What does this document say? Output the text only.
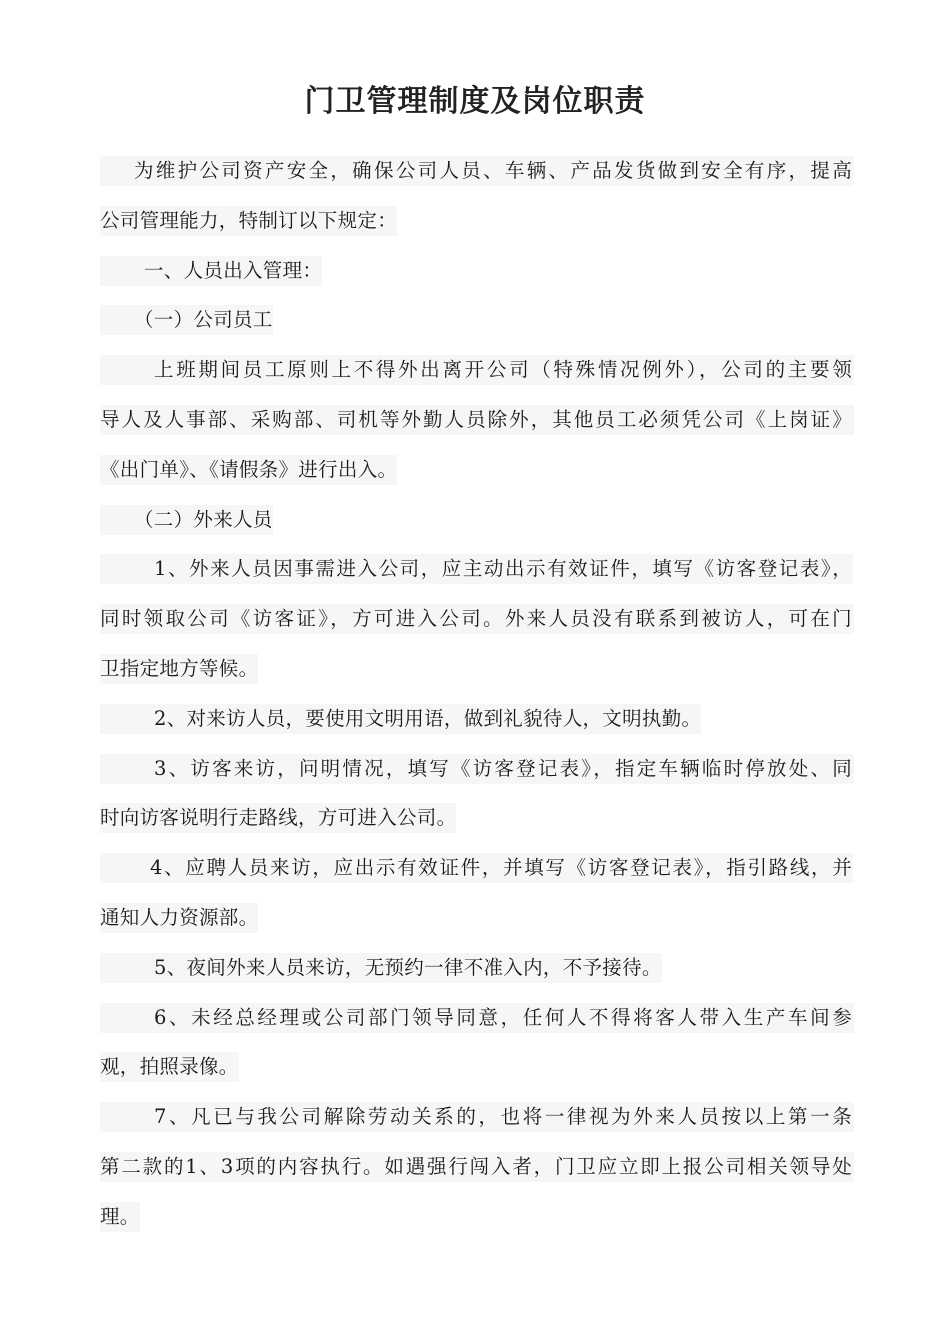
门卫管理制度及岗位职责
为维护公司资产安全，确保公司人员、车辆、产品发货做到安全有序，提高
公司管理能力，特制订以下规定：
一、人员出入管理：
（一）公司员工
上班期间员工原则上不得外出离开公司（特殊情况例外），公司的主要领
导人及人事部、采购部、司机等外勤人员除外，其他员工必须凭公司《上岗证》
《出门单》、《请假条》进行出入。
（二）外来人员
1、外来人员因事需进入公司，应主动出示有效证件，填写《访客登记表》，
同时领取公司《访客证》，方可进入公司。外来人员没有联系到被访人，可在门
卫指定地方等候。
2、对来访人员，要使用文明用语，做到礼貌待人，文明执勤。
3、访客来访，问明情况，填写《访客登记表》，指定车辆临时停放处、同
时向访客说明行走路线，方可进入公司。
4、应聘人员来访，应出示有效证件，并填写《访客登记表》，指引路线，并
通知人力资源部。
5、夜间外来人员来访，无预约一律不准入内，不予接待。
6、未经总经理或公司部门领导同意，任何人不得将客人带入生产车间参
观，拍照录像。
7、凡已与我公司解除劳动关系的，也将一律视为外来人员按以上第一条
第二款的1、3项的内容执行。如遇强行闯入者，门卫应立即上报公司相关领导处
理。
